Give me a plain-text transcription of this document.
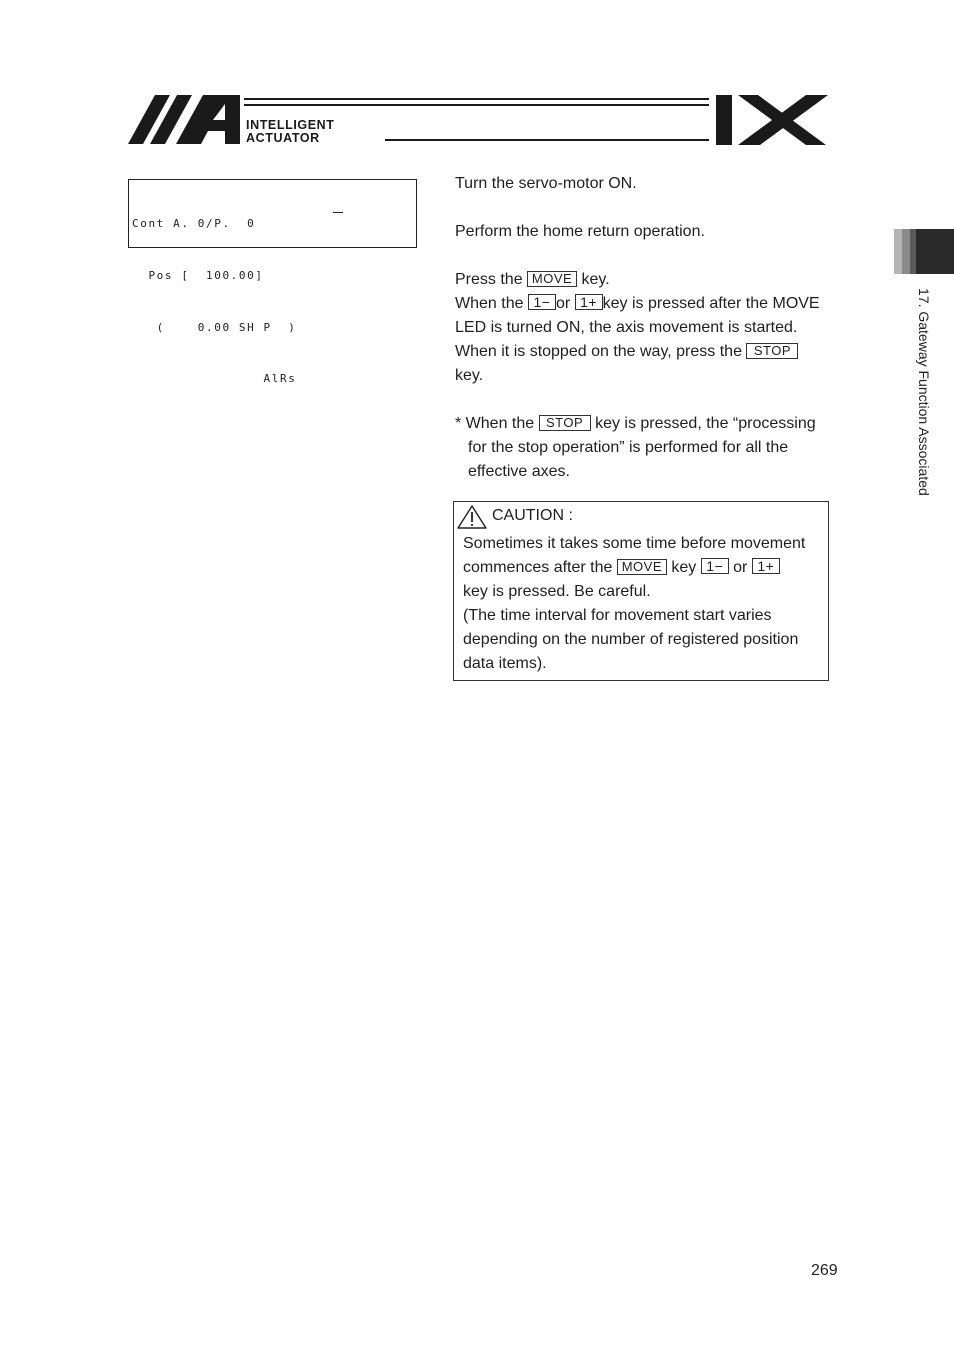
INTELLIGENT
ACTUATOR

Cont A. 0/P.  0

Pos [  100.00]

(    0.00 SH P  )

AlRs

Turn the servo-motor ON.
Perform the home return operation.
Press the MOVE key.
When the 1− or 1+ key is pressed after the MOVE
LED is turned ON, the axis movement is started.
When it is stopped on the way, press the STOP
key.
* When the STOP key is pressed, the “processing
for the stop operation” is performed for all the
effective axes.
CAUTION :
Sometimes it takes some time before movement
commences after the MOVE key 1− or 1+
key is pressed. Be careful.
(The time interval for movement start varies
depending on the number of registered position
data items).
17. Gateway Function Associated
269
